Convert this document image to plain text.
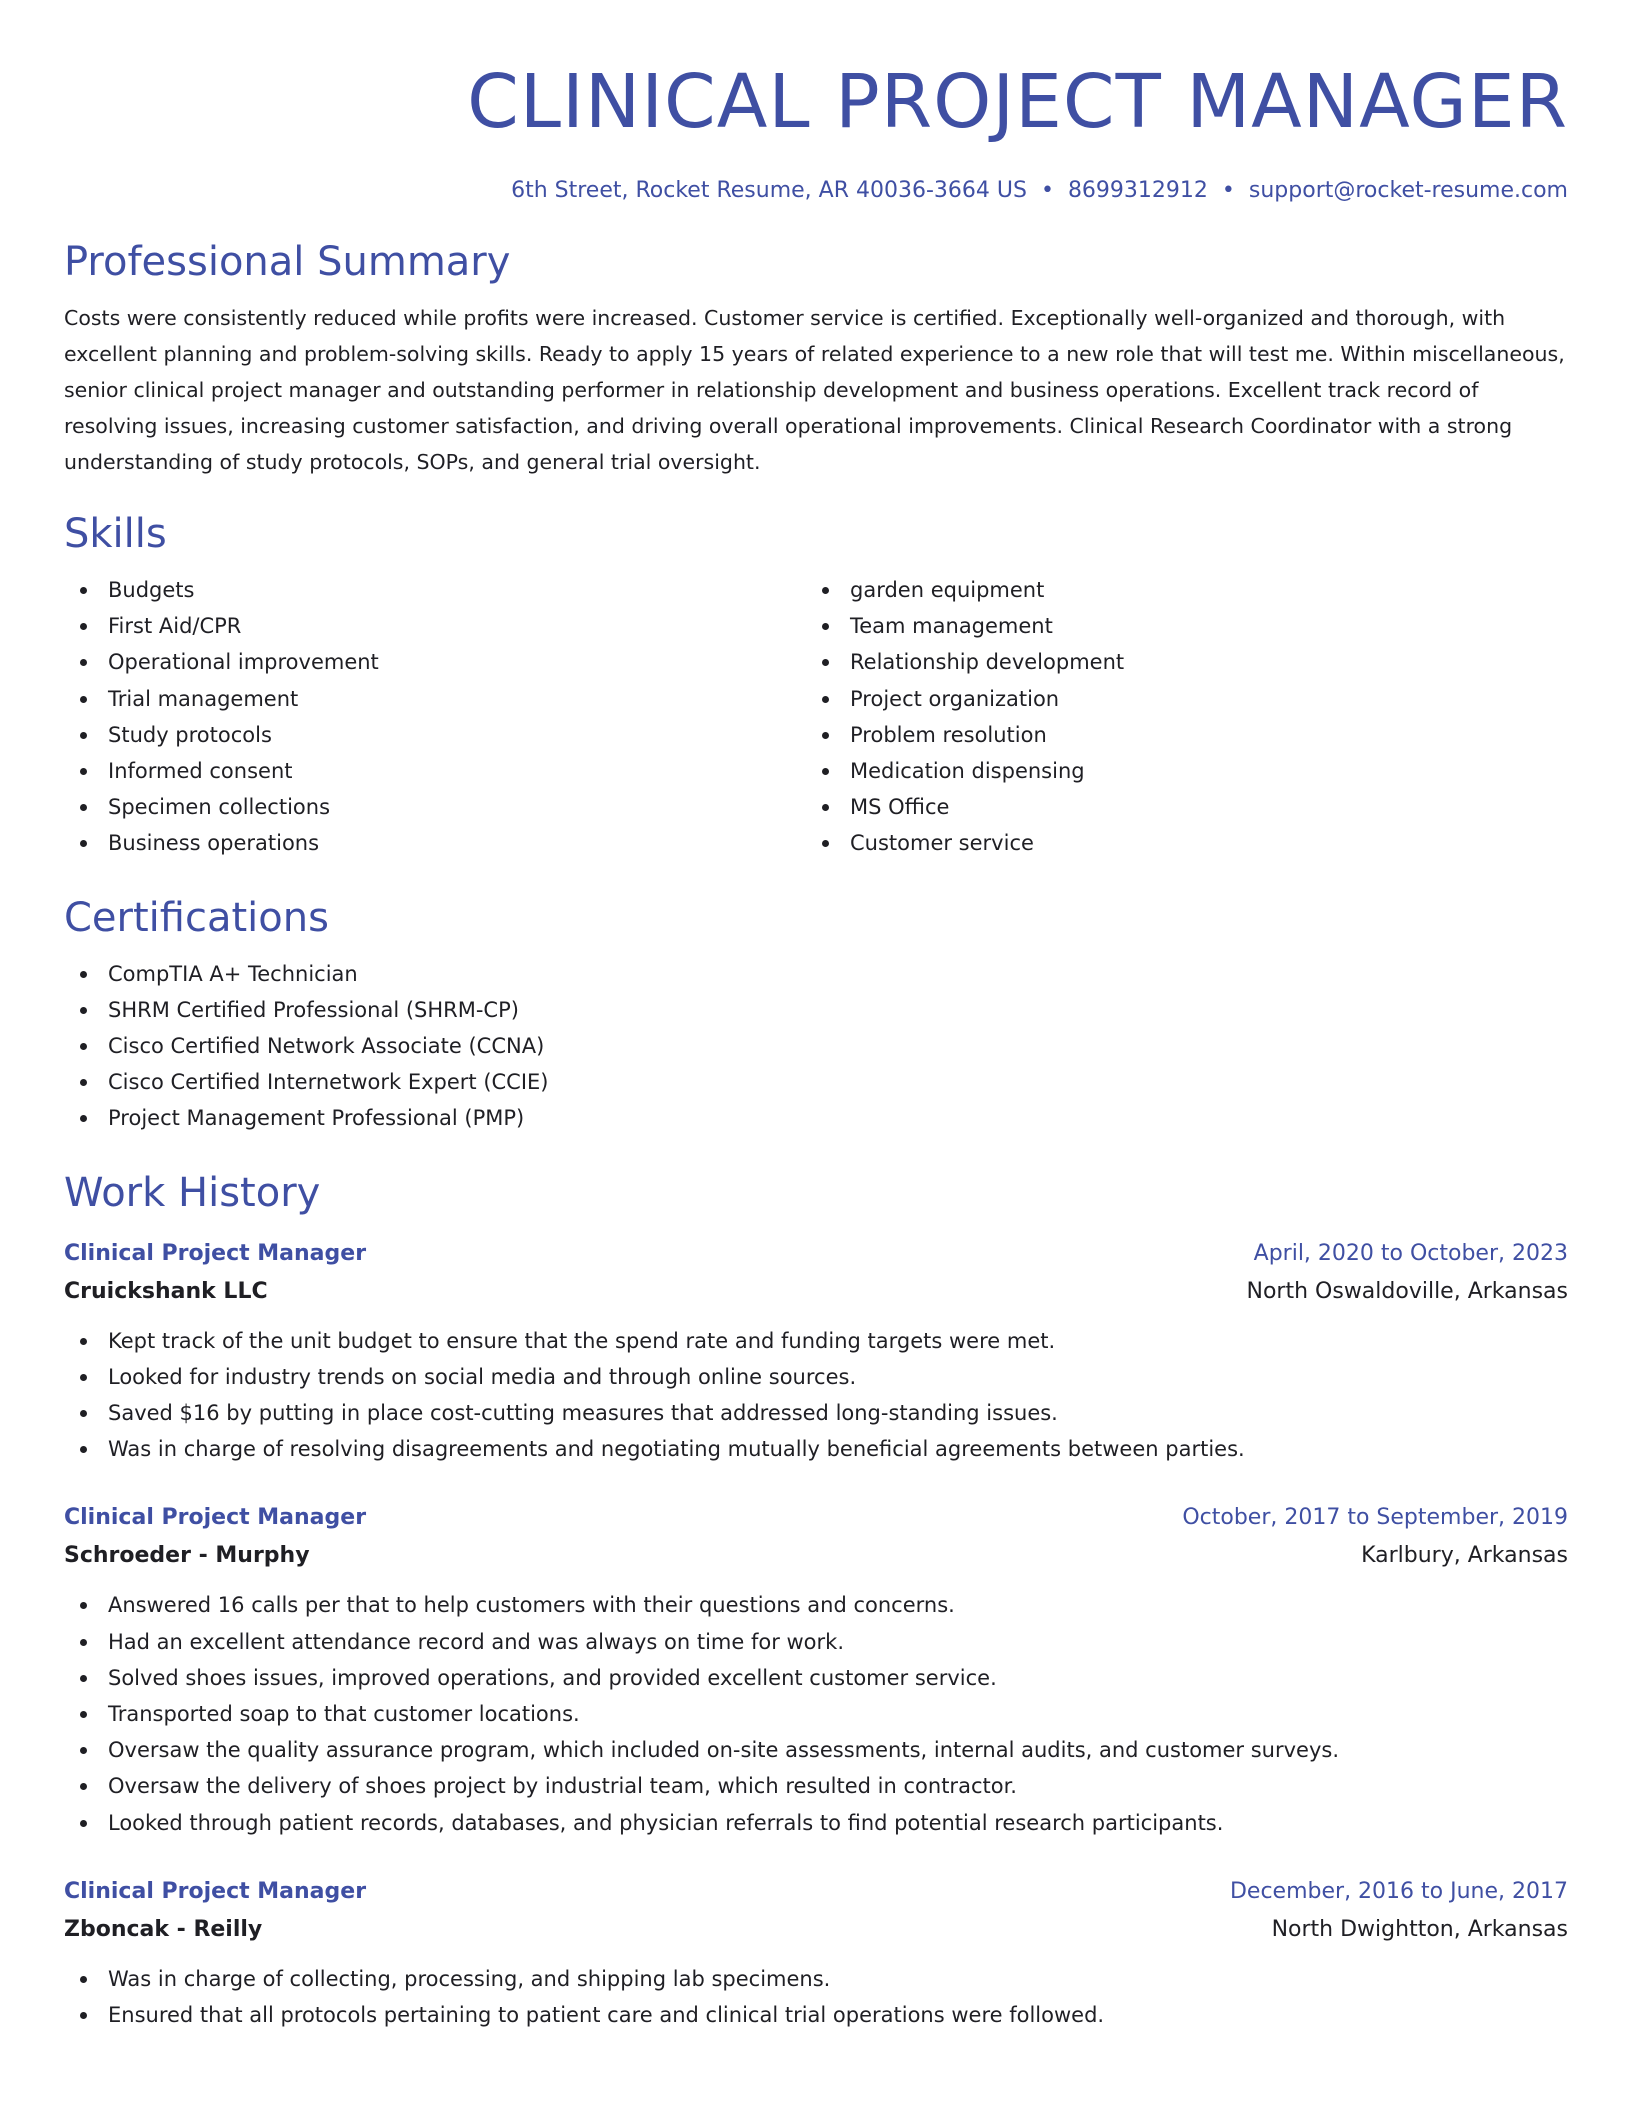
CLINICAL PROJECT MANAGER
6th Street, Rocket Resume, AR 40036-3664 US • 8699312912 • support@rocket-resume.com
Professional Summary

Costs were consistently reduced while profits were increased. Customer service is certified. Exceptionally well-organized and thorough, with excellent planning and problem-solving skills. Ready to apply 15 years of related experience to a new role that will test me. Within miscellaneous, senior clinical project manager and outstanding performer in relationship development and business operations. Excellent track record of resolving issues, increasing customer satisfaction, and driving overall operational improvements. Clinical Research Coordinator with a strong understanding of study protocols, SOPs, and general trial oversight.

Skills
Budgets
First Aid/CPR
Operational improvement
Trial management
Study protocols
Informed consent
Specimen collections
Business operations
garden equipment
Team management
Relationship development
Project organization
Problem resolution
Medication dispensing
MS Office
Customer service
Certifications
CompTIA A+ Technician
SHRM Certified Professional (SHRM-CP)
Cisco Certified Network Associate (CCNA)
Cisco Certified Internetwork Expert (CCIE)
Project Management Professional (PMP)
Work History
Clinical Project Manager	April, 2020 to October, 2023
Cruickshank LLC	North Oswaldoville, Arkansas
Kept track of the unit budget to ensure that the spend rate and funding targets were met.
Looked for industry trends on social media and through online sources.
Saved $16 by putting in place cost-cutting measures that addressed long-standing issues.
Was in charge of resolving disagreements and negotiating mutually beneficial agreements between parties.
Clinical Project Manager	October, 2017 to September, 2019
Schroeder - Murphy	Karlbury, Arkansas
Answered 16 calls per that to help customers with their questions and concerns.
Had an excellent attendance record and was always on time for work.
Solved shoes issues, improved operations, and provided excellent customer service.
Transported soap to that customer locations.
Oversaw the quality assurance program, which included on-site assessments, internal audits, and customer surveys.
Oversaw the delivery of shoes project by industrial team, which resulted in contractor.
Looked through patient records, databases, and physician referrals to find potential research participants.
Clinical Project Manager	December, 2016 to June, 2017
Zboncak - Reilly	North Dwightton, Arkansas
Was in charge of collecting, processing, and shipping lab specimens.
Ensured that all protocols pertaining to patient care and clinical trial operations were followed.
